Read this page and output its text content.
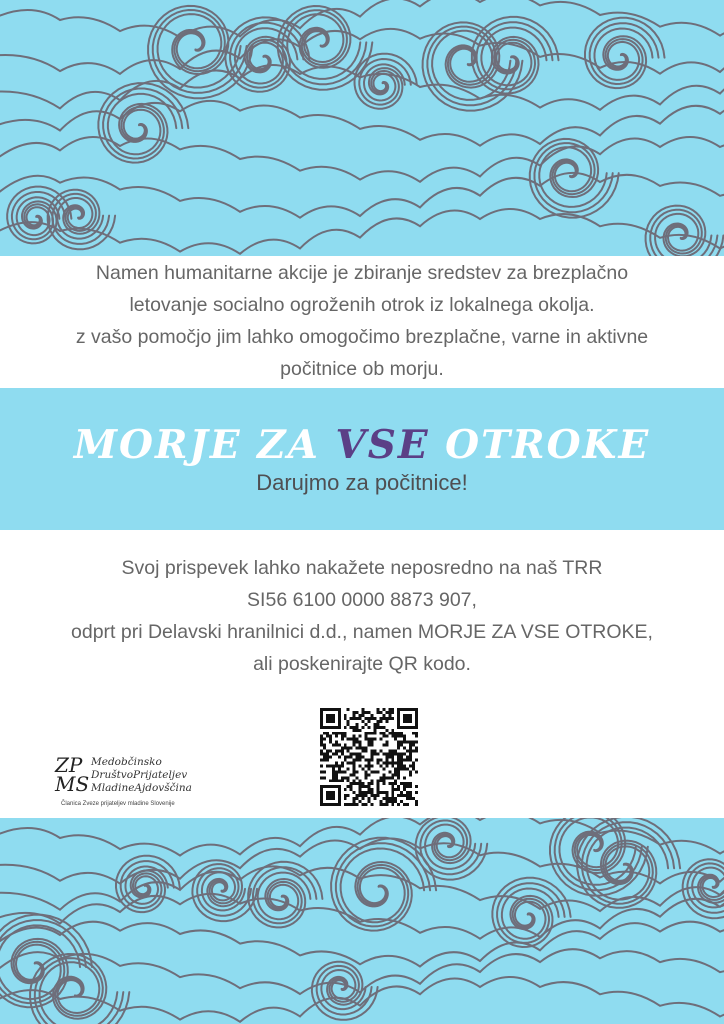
Namen humanitarne akcije je zbiranje sredstev za brezplačno
letovanje socialno ogroženih otrok iz lokalnega okolja.
z vašo pomočjo jim lahko omogočimo brezplačne, varne in aktivne
počitnice ob morju.
MORJE ZA VSE OTROKE
Darujmo za počitnice!
Svoj prispevek lahko nakažete neposredno na naš TRR
SI56 6100 0000 8873 907,
odprt pri Delavski hranilnici d.d., namen MORJE ZA VSE OTROKE,
ali poskenirajte QR kodo.
ZP
MS
Medobčinsko
DruštvoPrijateljev
MladineAjdovščina
Članica Zveze prijateljev mladine Slovenije
